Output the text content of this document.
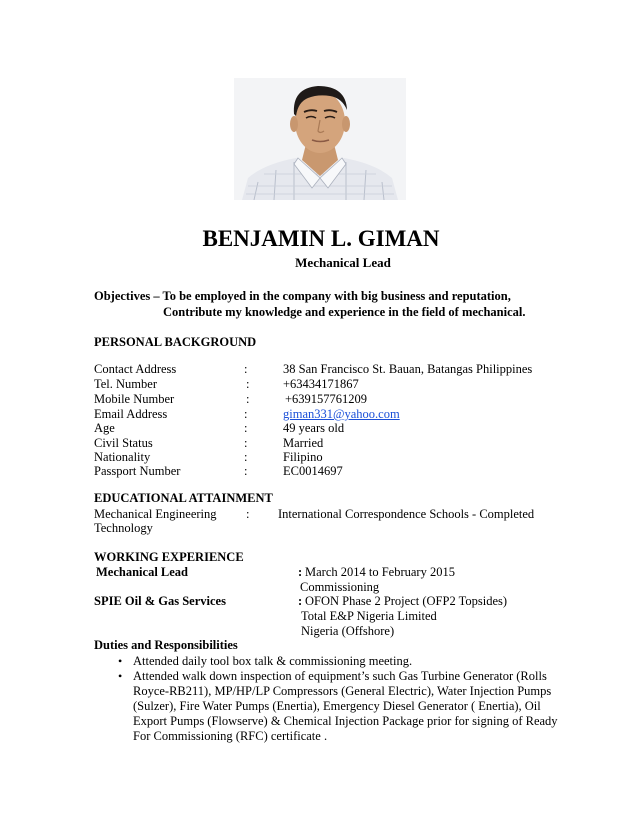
BENJAMIN L. GIMAN
Mechanical Lead
Objectives – To be employed in the company with big business and reputation,
Contribute my knowledge and experience in the field of mechanical.
PERSONAL BACKGROUND
Contact Address	:	38 San Francisco St. Bauan, Batangas Philippines
Tel. Number	:	+63434171867
Mobile Number	:	+639157761209
Email Address	:	giman331@yahoo.com
Age	:	49 years old
Civil Status	:	Married
Nationality	:	Filipino
Passport Number	:	EC0014697
EDUCATIONAL ATTAINMENT
Mechanical Engineering : International Correspondence Schools - Completed
Technology
WORKING EXPERIENCE
Mechanical Lead	: March 2014 to February 2015
Commissioning
SPIE Oil & Gas Services	: OFON Phase 2 Project (OFP2 Topsides)
Total E&P Nigeria Limited
Nigeria (Offshore)
Duties and Responsibilities
• Attended daily tool box talk & commissioning meeting.
• Attended walk down inspection of equipment’s such Gas Turbine Generator (Rolls
Royce-RB211), MP/HP/LP Compressors (General Electric), Water Injection Pumps
(Sulzer), Fire Water Pumps (Enertia), Emergency Diesel Generator ( Enertia), Oil
Export Pumps (Flowserve) & Chemical Injection Package prior for signing of Ready
For Commissioning (RFC) certificate .
